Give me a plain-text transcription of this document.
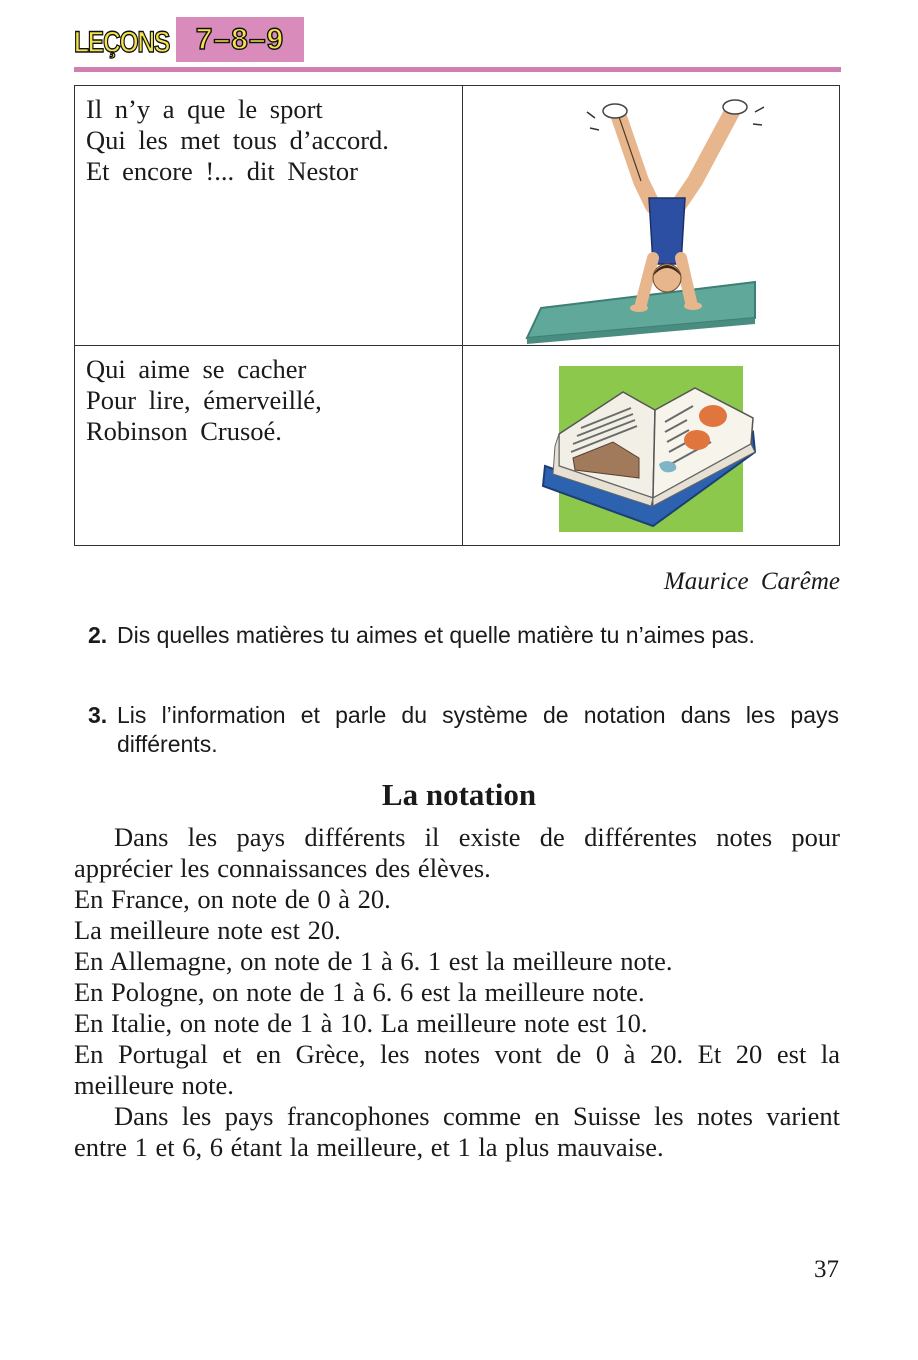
LEÇONS 7–8–9
Il n’y a que le sport
Qui les met tous d’accord.
Et encore !... dit Nestor

Qui aime se cacher
Pour lire, émerveillé,
Robinson Crusoé.

Maurice Carême
2. Dis quelles matières tu aimes et quelle matière tu n’aimes pas.
3. Lis l’information et parle du système de notation dans les pays différents.
La notation

Dans les pays différents il existe de différentes notes pour apprécier les connaissances des élèves.

En France, on note de 0 à 20.

La meilleure note est 20.

En Allemagne, on note de 1 à 6. 1 est la meilleure note.

En Pologne, on note de 1 à 6. 6 est la meilleure note.

En Italie, on note de 1 à 10. La meilleure note est 10.

En Portugal et en Grèce, les notes vont de 0 à 20. Et 20 est la meilleure note.

Dans les pays francophones comme en Suisse les notes varient entre 1 et 6, 6 étant la meilleure, et 1 la plus mauvaise.

37
